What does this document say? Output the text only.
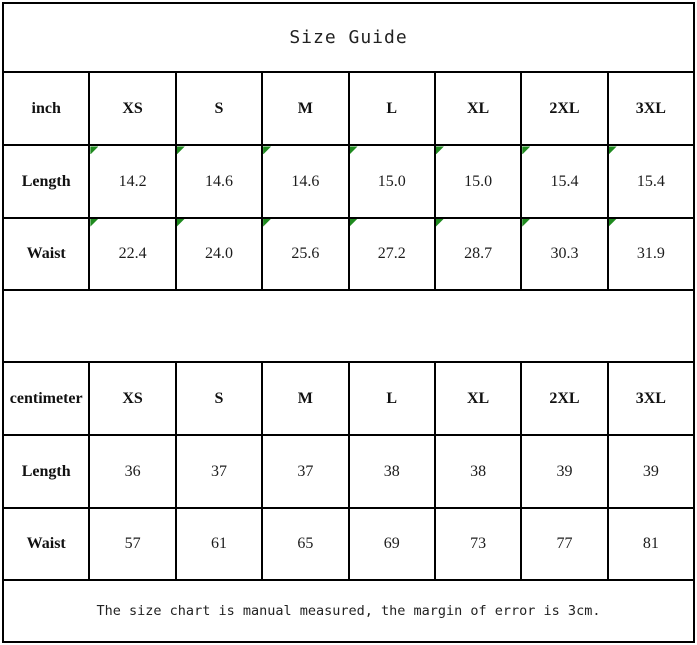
Size Guide							
inch	XS	S	M	L	XL	2XL	3XL
Length	14.2	14.6	14.6	15.0	15.0	15.4	15.4
Waist	22.4	24.0	25.6	27.2	28.7	30.3	31.9

centimeter	XS	S	M	L	XL	2XL	3XL
Length	36	37	37	38	38	39	39
Waist	57	61	65	69	73	77	81
The size chart is manual measured, the margin of error is 3cm.							
